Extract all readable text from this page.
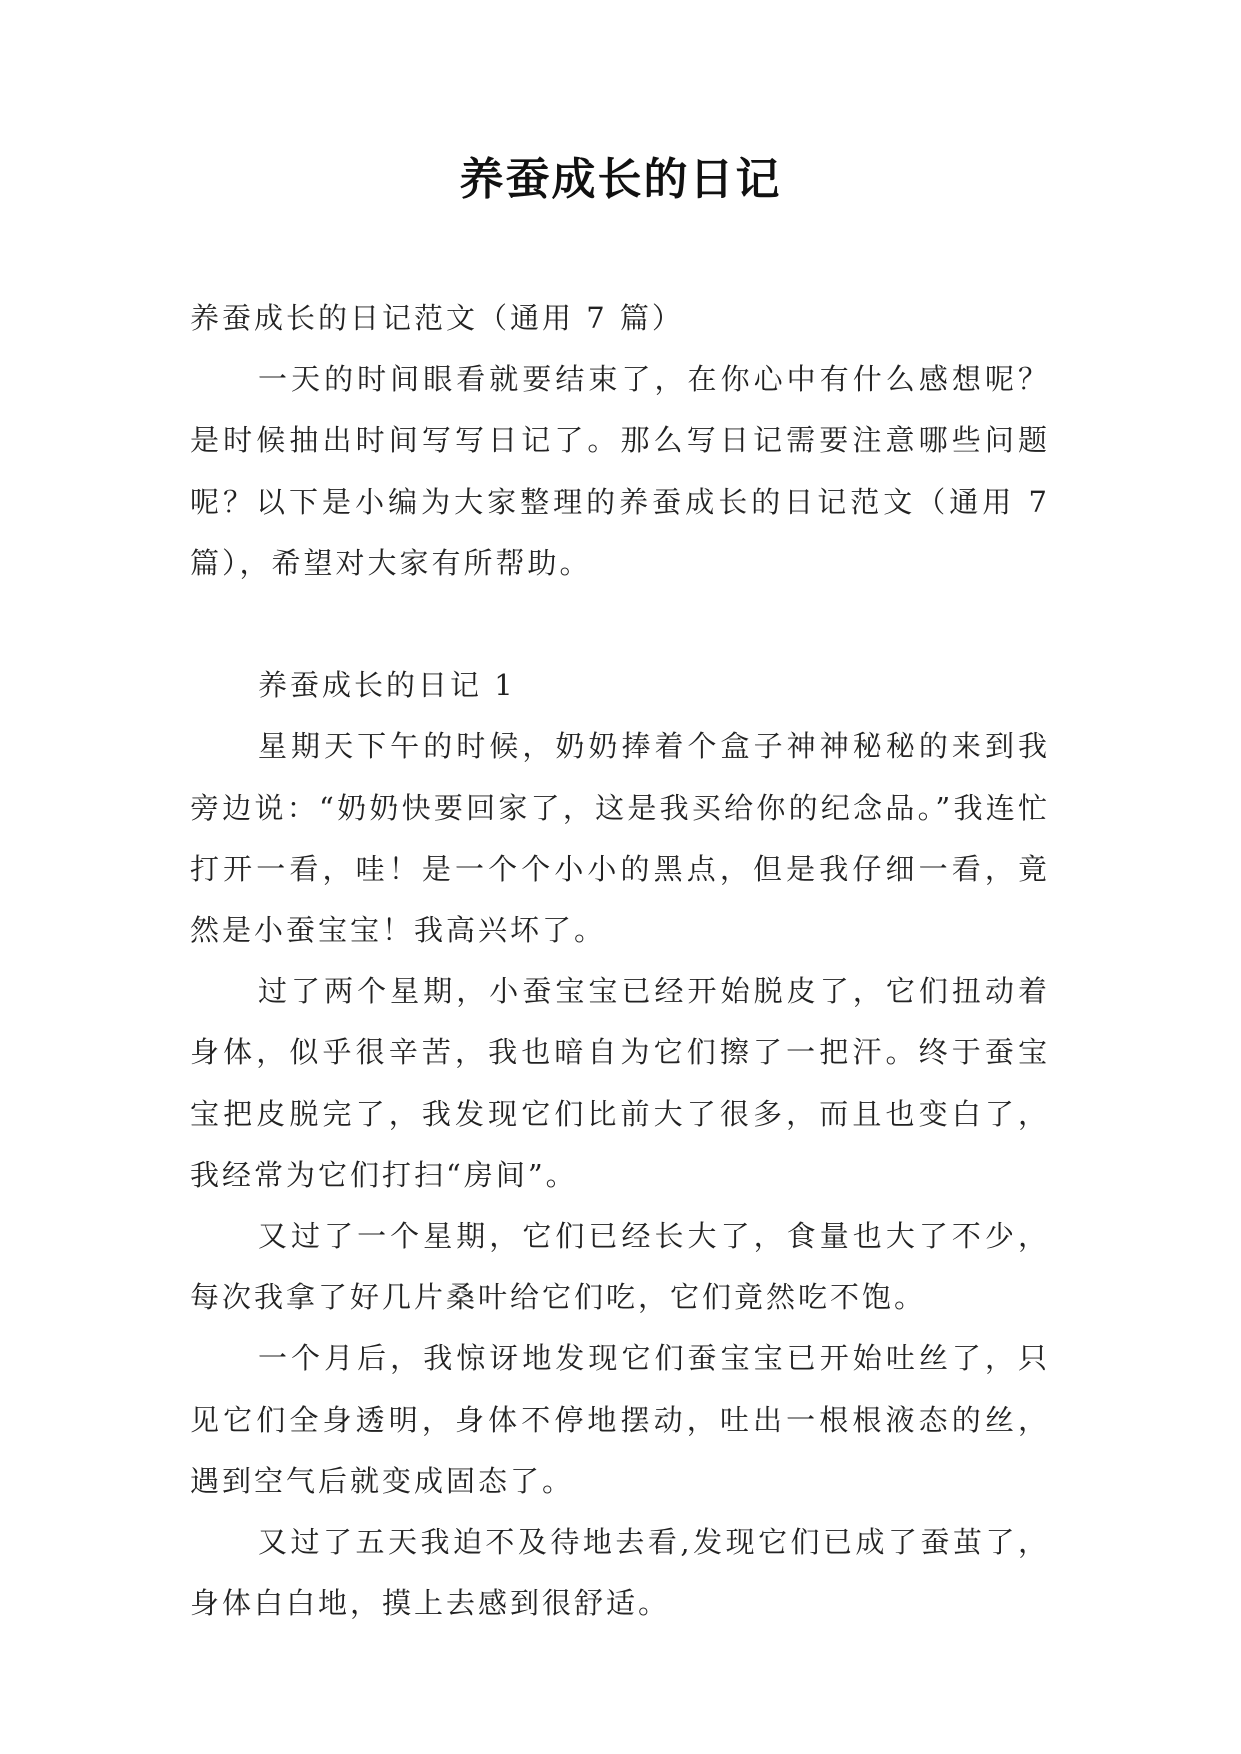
养蚕成长的日记

养蚕成长的日记范文（通用 7 篇）

一天的时间眼看就要结束了，在你心中有什么感想呢？是时候抽出时间写写日记了。那么写日记需要注意哪些问题呢？以下是小编为大家整理的养蚕成长的日记范文（通用 7 篇），希望对大家有所帮助。

养蚕成长的日记 1

星期天下午的时候，奶奶捧着个盒子神神秘秘的来到我旁边说：“奶奶快要回家了，这是我买给你的纪念品。”我连忙打开一看，哇！是一个个小小的黑点，但是我仔细一看，竟然是小蚕宝宝！我高兴坏了。

过了两个星期，小蚕宝宝已经开始脱皮了，它们扭动着身体，似乎很辛苦，我也暗自为它们擦了一把汗。终于蚕宝宝把皮脱完了，我发现它们比前大了很多，而且也变白了，我经常为它们打扫“房间”。

又过了一个星期，它们已经长大了，食量也大了不少，每次我拿了好几片桑叶给它们吃，它们竟然吃不饱。

一个月后，我惊讶地发现它们蚕宝宝已开始吐丝了，只见它们全身透明，身体不停地摆动，吐出一根根液态的丝，遇到空气后就变成固态了。

又过了五天我迫不及待地去看,发现它们已成了蚕茧了，身体白白地，摸上去感到很舒适。
